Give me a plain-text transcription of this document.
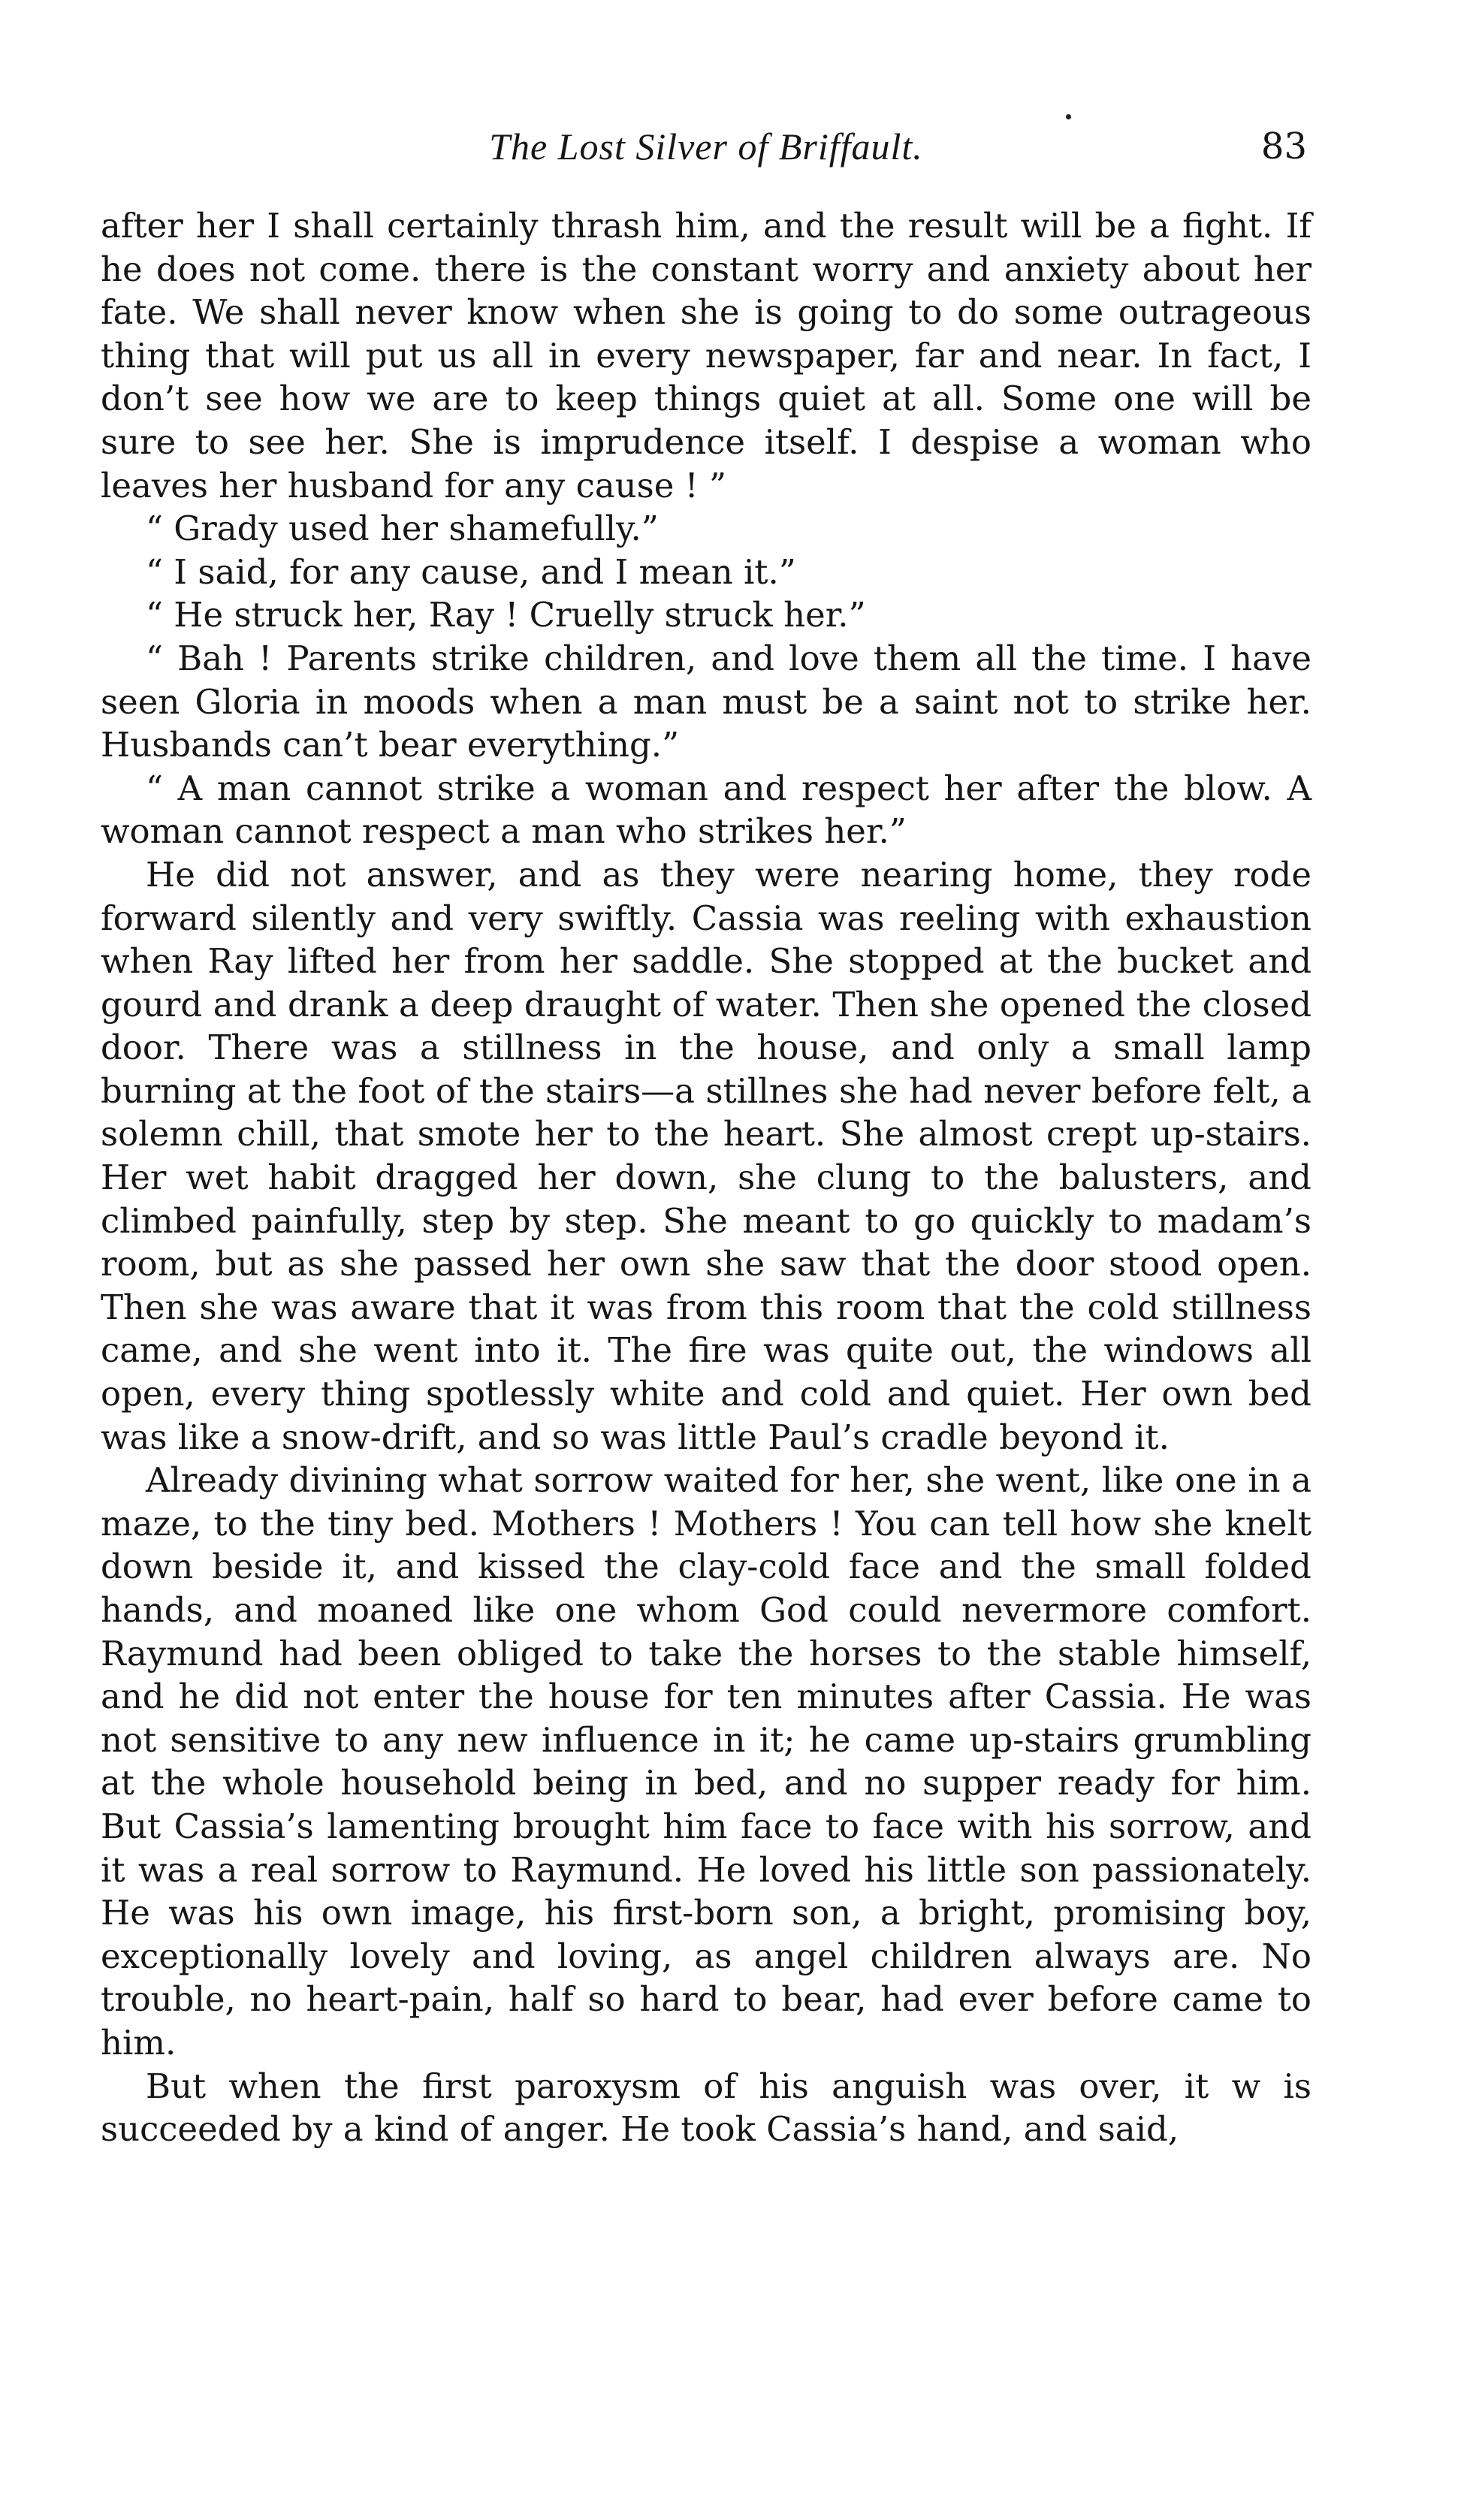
The Lost Silver of Briffault.	83

after her I shall certainly thrash him, and the result will be a fight. If he does not come. there is the constant worry and anxiety about her fate. We shall never know when she is going to do some outrageous thing that will put us all in every newspaper, far and near. In fact, I don’t see how we are to keep things quiet at all. Some one will be sure to see her. She is imprudence itself. I despise a woman who leaves her husband for any cause ! ”

“ Grady used her shamefully.”

“ I said, for any cause, and I mean it.”

“ He struck her, Ray ! Cruelly struck her.”

“ Bah ! Parents strike children, and love them all the time. I have seen Gloria in moods when a man must be a saint not to strike her. Husbands can’t bear everything.”

“ A man cannot strike a woman and respect her after the blow. A woman cannot respect a man who strikes her.”

He did not answer, and as they were nearing home, they rode forward silently and very swiftly. Cassia was reeling with exhaustion when Ray lifted her from her saddle. She stopped at the bucket and gourd and drank a deep draught of water. Then she opened the closed door. There was a stillness in the house, and only a small lamp burning at the foot of the stairs—a stillnes she had never before felt, a solemn chill, that smote her to the heart. She almost crept up-stairs. Her wet habit dragged her down, she clung to the balusters, and climbed painfully, step by step. She meant to go quickly to madam’s room, but as she passed her own she saw that the door stood open. Then she was aware that it was from this room that the cold stillness came, and she went into it. The fire was quite out, the windows all open, every thing spotlessly white and cold and quiet. Her own bed was like a snow-drift, and so was little Paul’s cradle beyond it.

Already divining what sorrow waited for her, she went, like one in a maze, to the tiny bed. Mothers ! Mothers ! You can tell how she knelt down beside it, and kissed the clay-cold face and the small folded hands, and moaned like one whom God could nevermore comfort. Raymund had been obliged to take the horses to the stable himself, and he did not enter the house for ten minutes after Cassia. He was not sensitive to any new influence in it; he came up-stairs grumbling at the whole household being in bed, and no supper ready for him. But Cassia’s lamenting brought him face to face with his sorrow, and it was a real sorrow to Raymund. He loved his little son passionately. He was his own image, his first-born son, a bright, promising boy, exceptionally lovely and loving, as angel children always are. No trouble, no heart-pain, half so hard to bear, had ever before came to him.

But when the first paroxysm of his anguish was over, it w is succeeded by a kind of anger. He took Cassia’s hand, and said,
